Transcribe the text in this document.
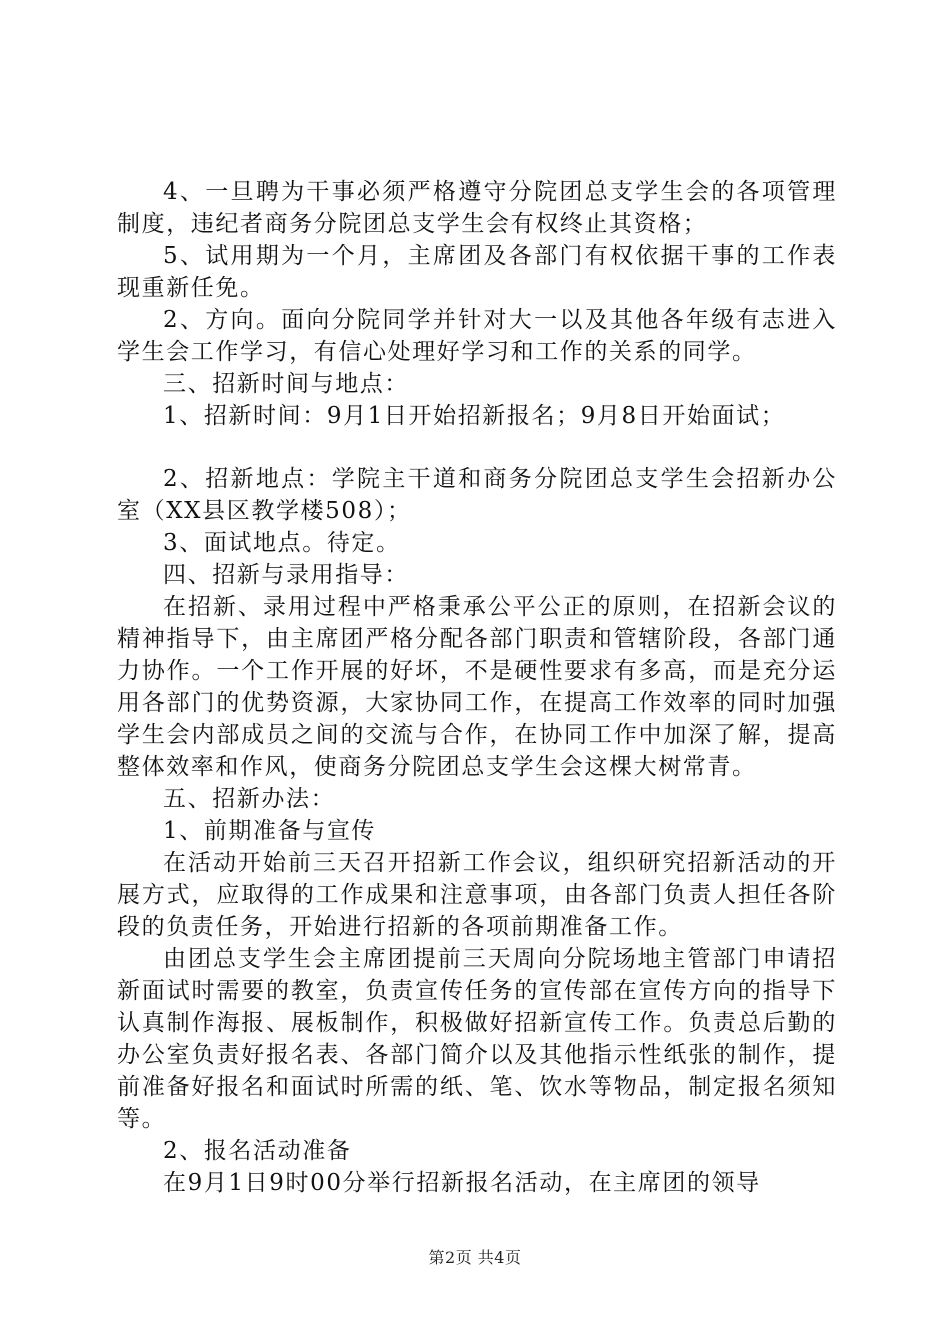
4、一旦聘为干事必须严格遵守分院团总支学生会的各项管理制度，违纪者商务分院团总支学生会有权终止其资格；

5、试用期为一个月，主席团及各部门有权依据干事的工作表现重新任免。

2、方向。面向分院同学并针对大一以及其他各年级有志进入学生会工作学习，有信心处理好学习和工作的关系的同学。

三、招新时间与地点：

1、招新时间：9月1日开始招新报名；9月8日开始面试；

2、招新地点：学院主干道和商务分院团总支学生会招新办公室（XX县区教学楼508）；

3、面试地点。待定。

四、招新与录用指导：

在招新、录用过程中严格秉承公平公正的原则，在招新会议的精神指导下，由主席团严格分配各部门职责和管辖阶段，各部门通力协作。一个工作开展的好坏，不是硬性要求有多高，而是充分运用各部门的优势资源，大家协同工作，在提高工作效率的同时加强学生会内部成员之间的交流与合作，在协同工作中加深了解，提高整体效率和作风，使商务分院团总支学生会这棵大树常青。

五、招新办法：

1、前期准备与宣传

在活动开始前三天召开招新工作会议，组织研究招新活动的开展方式，应取得的工作成果和注意事项，由各部门负责人担任各阶段的负责任务，开始进行招新的各项前期准备工作。

由团总支学生会主席团提前三天周向分院场地主管部门申请招新面试时需要的教室，负责宣传任务的宣传部在宣传方向的指导下认真制作海报、展板制作，积极做好招新宣传工作。负责总后勤的办公室负责好报名表、各部门简介以及其他指示性纸张的制作，提前准备好报名和面试时所需的纸、笔、饮水等物品，制定报名须知等。

2、报名活动准备

在9月1日9时00分举行招新报名活动，在主席团的领导

第2页 共4页
